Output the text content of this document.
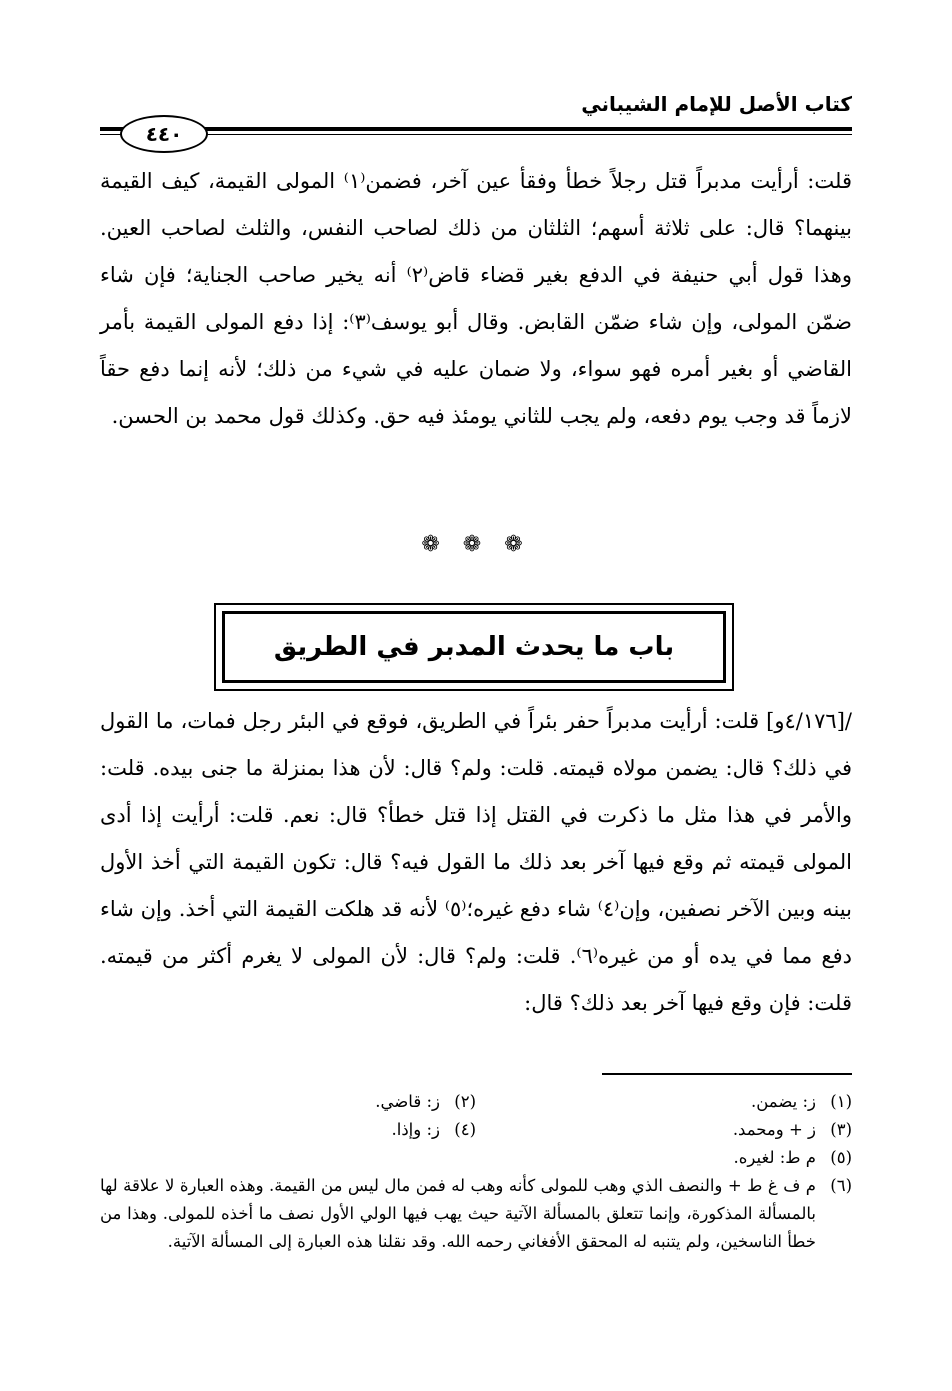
كتاب الأصل للإمام الشيباني
٤٤٠
قلت: أرأيت مدبراً قتل رجلاً خطأ وفقأ عين آخر، فضمن⁽١⁾ المولى القيمة، كيف القيمة بينهما؟ قال: على ثلاثة أسهم؛ الثلثان من ذلك لصاحب النفس، والثلث لصاحب العين. وهذا قول أبي حنيفة في الدفع بغير قضاء قاض⁽٢⁾ أنه يخير صاحب الجناية؛ فإن شاء ضمّن المولى، وإن شاء ضمّن القابض. وقال أبو يوسف⁽٣⁾: إذا دفع المولى القيمة بأمر القاضي أو بغير أمره فهو سواء، ولا ضمان عليه في شيء من ذلك؛ لأنه إنما دفع حقاً لازماً قد وجب يوم دفعه، ولم يجب للثاني يومئذ فيه حق. وكذلك قول محمد بن الحسن.
❁ ❁ ❁
باب ما يحدث المدبر في الطريق
/[٤/١٧٦و] قلت: أرأيت مدبراً حفر بئراً في الطريق، فوقع في البئر رجل فمات، ما القول في ذلك؟ قال: يضمن مولاه قيمته. قلت: ولم؟ قال: لأن هذا بمنزلة ما جنى بيده. قلت: والأمر في هذا مثل ما ذكرت في القتل إذا قتل خطأ؟ قال: نعم. قلت: أرأيت إذا أدى المولى قيمته ثم وقع فيها آخر بعد ذلك ما القول فيه؟ قال: تكون القيمة التي أخذ الأول بينه وبين الآخر نصفين، وإن⁽٤⁾ شاء دفع غيره؛⁽٥⁾ لأنه قد هلكت القيمة التي أخذ. وإن شاء دفع مما في يده أو من غيره⁽٦⁾. قلت: ولم؟ قال: لأن المولى لا يغرم أكثر من قيمته. قلت: فإن وقع فيها آخر بعد ذلك؟ قال:
(١)
ز: يضمن.
(٢)
ز: قاضي.
(٣)
ز + ومحمد.
(٤)
ز: وإذا.
(٥)
م ط: لغيره.
(٦)
م ف غ ط + والنصف الذي وهب للمولى كأنه وهب له فمن مال ليس من القيمة. وهذه العبارة لا علاقة لها بالمسألة المذكورة، وإنما تتعلق بالمسألة الآتية حيث يهب فيها الولي الأول نصف ما أخذه للمولى. وهذا من خطأ الناسخين، ولم يتنبه له المحقق الأفغاني رحمه الله. وقد نقلنا هذه العبارة إلى المسألة الآتية.
